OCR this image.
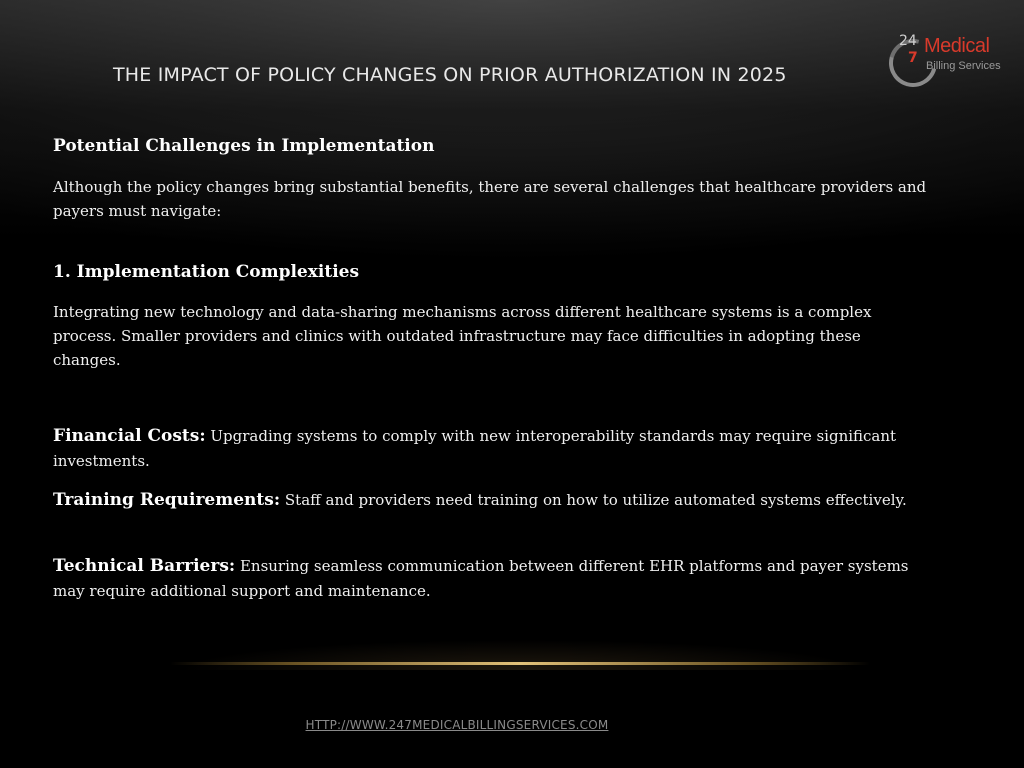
THE IMPACT OF POLICY CHANGES ON PRIOR AUTHORIZATION IN 2025
24
7
Medical
Billing Services
Potential Challenges in Implementation

Although the policy changes bring substantial benefits, there are several challenges that healthcare providers and payers must navigate:

1. Implementation Complexities

Integrating new technology and data-sharing mechanisms across different healthcare systems is a complex process. Smaller providers and clinics with outdated infrastructure may face difficulties in adopting these changes.

Financial Costs: Upgrading systems to comply with new interoperability standards may require significant investments.
Training Requirements: Staff and providers need training on how to utilize automated systems effectively.
Technical Barriers: Ensuring seamless communication between different EHR platforms and payer systems may require additional support and maintenance.
HTTP://WWW.247MEDICALBILLINGSERVICES.COM
